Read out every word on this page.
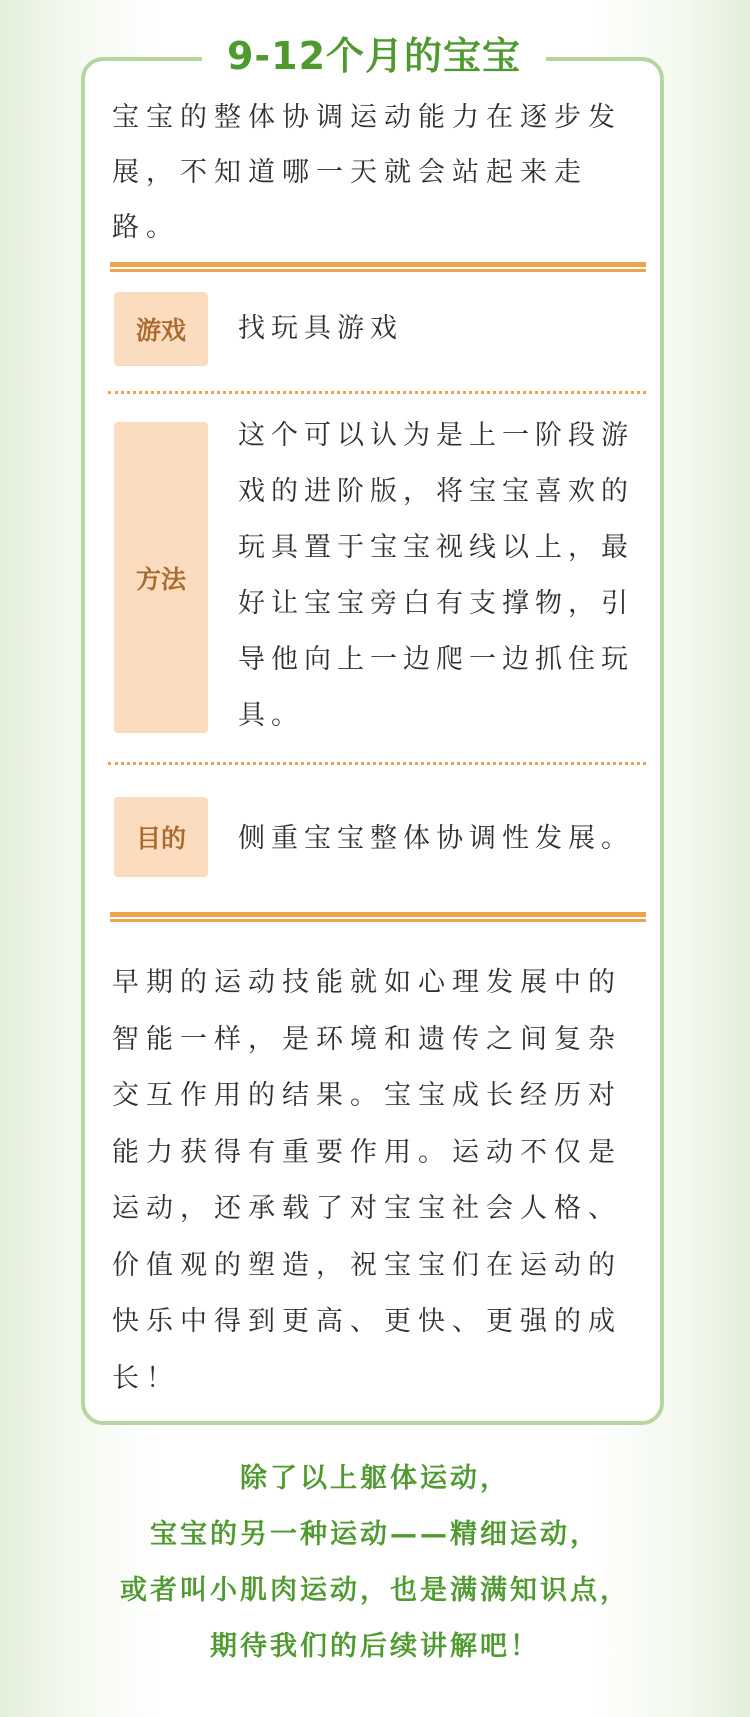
9-12个月的宝宝

宝宝的整体协调运动能力在逐步发展，不知道哪一天就会站起来走路。

游戏	找玩具游戏

方法

这个可以认为是上一阶段游戏的进阶版，将宝宝喜欢的玩具置于宝宝视线以上，最好让宝宝旁白有支撑物，引导他向上一边爬一边抓住玩具。

目的	侧重宝宝整体协调性发展。

早期的运动技能就如心理发展中的智能一样，是环境和遗传之间复杂交互作用的结果。宝宝成长经历对能力获得有重要作用。运动不仅是运动，还承载了对宝宝社会人格、价值观的塑造，祝宝宝们在运动的快乐中得到更高、更快、更强的成长！

除了以上躯体运动，
宝宝的另一种运动——精细运动，
或者叫小肌肉运动，也是满满知识点，
期待我们的后续讲解吧！
